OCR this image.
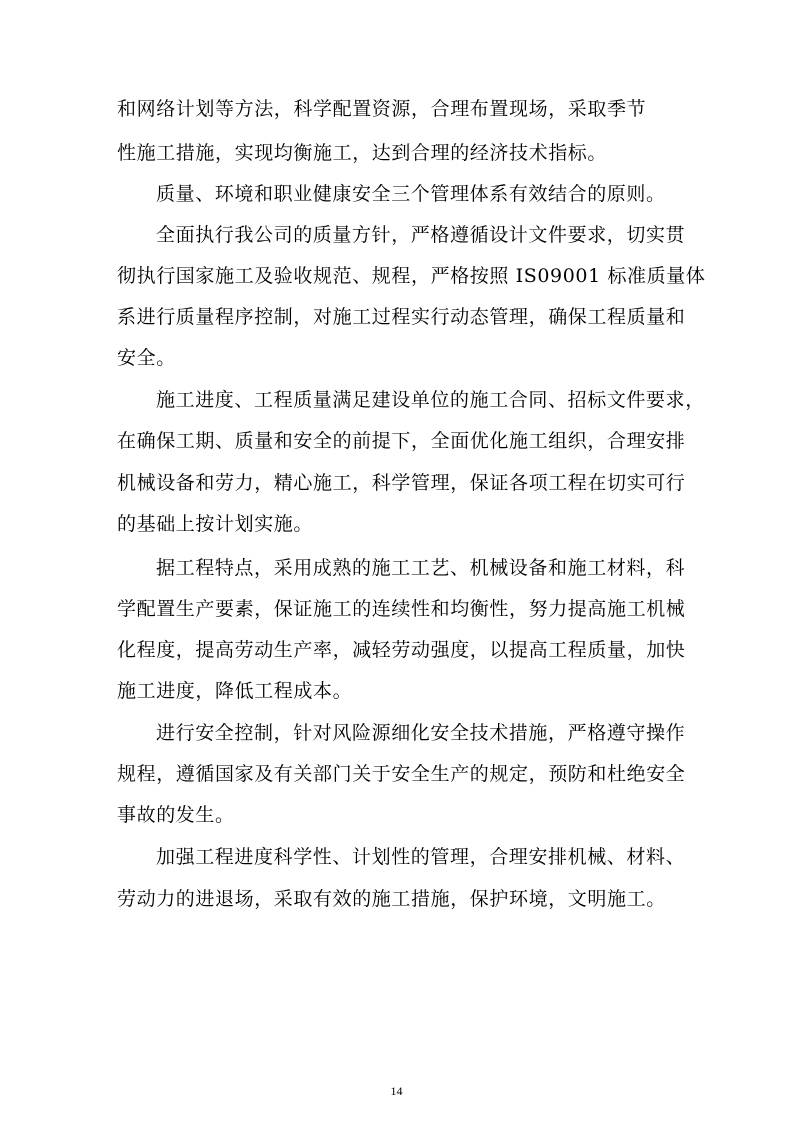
和网络计划等方法，科学配置资源，合理布置现场，采取季节
性施工措施，实现均衡施工，达到合理的经济技术指标。
质量、环境和职业健康安全三个管理体系有效结合的原则。
全面执行我公司的质量方针，严格遵循设计文件要求，切实贯
彻执行国家施工及验收规范、规程，严格按照 IS09001 标准质量体
系进行质量程序控制，对施工过程实行动态管理，确保工程质量和
安全。
施工进度、工程质量满足建设单位的施工合同、招标文件要求，
在确保工期、质量和安全的前提下，全面优化施工组织，合理安排
机械设备和劳力，精心施工，科学管理，保证各项工程在切实可行
的基础上按计划实施。
据工程特点，采用成熟的施工工艺、机械设备和施工材料，科
学配置生产要素，保证施工的连续性和均衡性，努力提高施工机械
化程度，提高劳动生产率，减轻劳动强度，以提高工程质量，加快
施工进度，降低工程成本。
进行安全控制，针对风险源细化安全技术措施，严格遵守操作
规程，遵循国家及有关部门关于安全生产的规定，预防和杜绝安全
事故的发生。
加强工程进度科学性、计划性的管理，合理安排机械、材料、
劳动力的进退场，采取有效的施工措施，保护环境，文明施工。
14
